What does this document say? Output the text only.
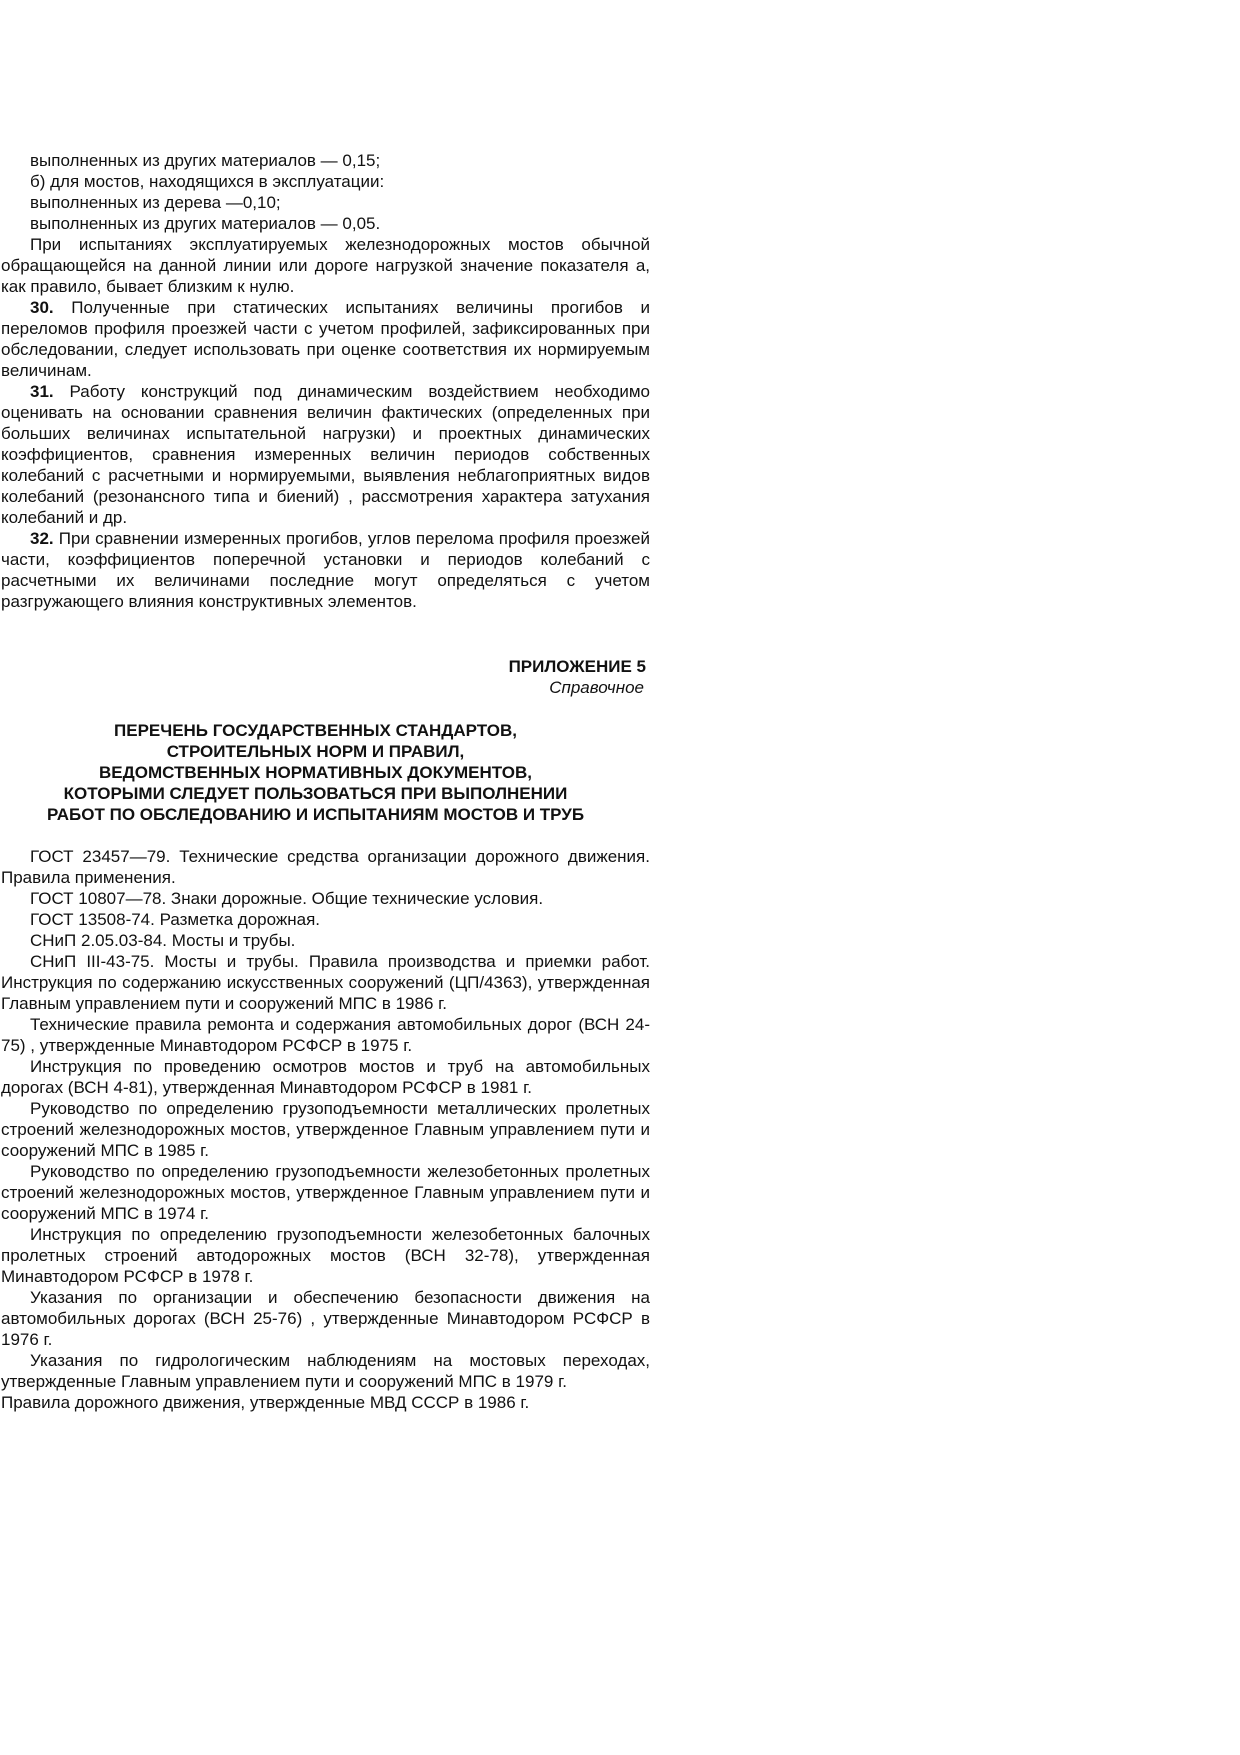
выполненных из других материалов — 0,15;

б) для мостов, находящихся в эксплуатации:

выполненных из дерева —0,10;

выполненных из других материалов — 0,05.

При испытаниях эксплуатируемых железнодорожных мостов обычной обращающейся на данной линии или дороге нагрузкой значение показателя а, как правило, бывает близким к нулю.

30. Полученные при статических испытаниях величины прогибов и переломов профиля проезжей части с учетом профилей, зафиксированных при обследовании, следует использовать при оценке соответствия их нормируемым величинам.

31. Работу конструкций под динамическим воздействием необходимо оценивать на основании сравнения величин фактических (определенных при больших величинах испытательной нагрузки) и проектных динамических коэффициентов, сравнения измеренных величин периодов собственных колебаний с расчетными и нормируемыми, выявления неблагоприятных видов колебаний (резонансного типа и биений) , рассмотрения характера затухания колебаний и др.

32. При сравнении измеренных прогибов, углов перелома профиля проезжей части, коэффициентов поперечной установки и периодов колебаний с расчетными их величинами последние могут определяться с учетом разгружающего влияния конструктивных элементов.

ПРИЛОЖЕНИЕ 5

Справочное

ПЕРЕЧЕНЬ ГОСУДАРСТВЕННЫХ СТАНДАРТОВ,
СТРОИТЕЛЬНЫХ НОРМ И ПРАВИЛ,
ВЕДОМСТВЕННЫХ НОРМАТИВНЫХ ДОКУМЕНТОВ,
КОТОРЫМИ СЛЕДУЕТ ПОЛЬЗОВАТЬСЯ ПРИ ВЫПОЛНЕНИИ
РАБОТ ПО ОБСЛЕДОВАНИЮ И ИСПЫТАНИЯМ МОСТОВ И ТРУБ

ГОСТ 23457—79. Технические средства организации дорожного движения. Правила применения.

ГОСТ 10807—78. Знаки дорожные. Общие технические условия.

ГОСТ 13508-74. Разметка дорожная.

СНиП 2.05.03-84. Мосты и трубы.

СНиП III-43-75. Мосты и трубы. Правила производства и приемки работ. Инструкция по содержанию искусственных сооружений (ЦП/4363), утвержденная Главным управлением пути и сооружений МПС в 1986 г.

Технические правила ремонта и содержания автомобильных дорог (ВСН 24-75) , утвержденные Минавтодором РСФСР в 1975 г.

Инструкция по проведению осмотров мостов и труб на автомобильных дорогах (ВСН 4-81), утвержденная Минавтодором РСФСР в 1981 г.

Руководство по определению грузоподъемности металлических пролетных строений железнодорожных мостов, утвержденное Главным управлением пути и сооружений МПС в 1985 г.

Руководство по определению грузоподъемности железобетонных пролетных строений железнодорожных мостов, утвержденное Главным управлением пути и сооружений МПС в 1974 г.

Инструкция по определению грузоподъемности железобетонных балочных пролетных строений автодорожных мостов (ВСН 32-78), утвержденная Минавтодором РСФСР в 1978 г.

Указания по организации и обеспечению безопасности движения на автомобильных дорогах (ВСН 25-76) , утвержденные Минавтодором РСФСР в 1976 г.

Указания по гидрологическим наблюдениям на мостовых переходах, утвержденные Главным управлением пути и сооружений МПС в 1979 г.

Правила дорожного движения, утвержденные МВД СССР в 1986 г.
